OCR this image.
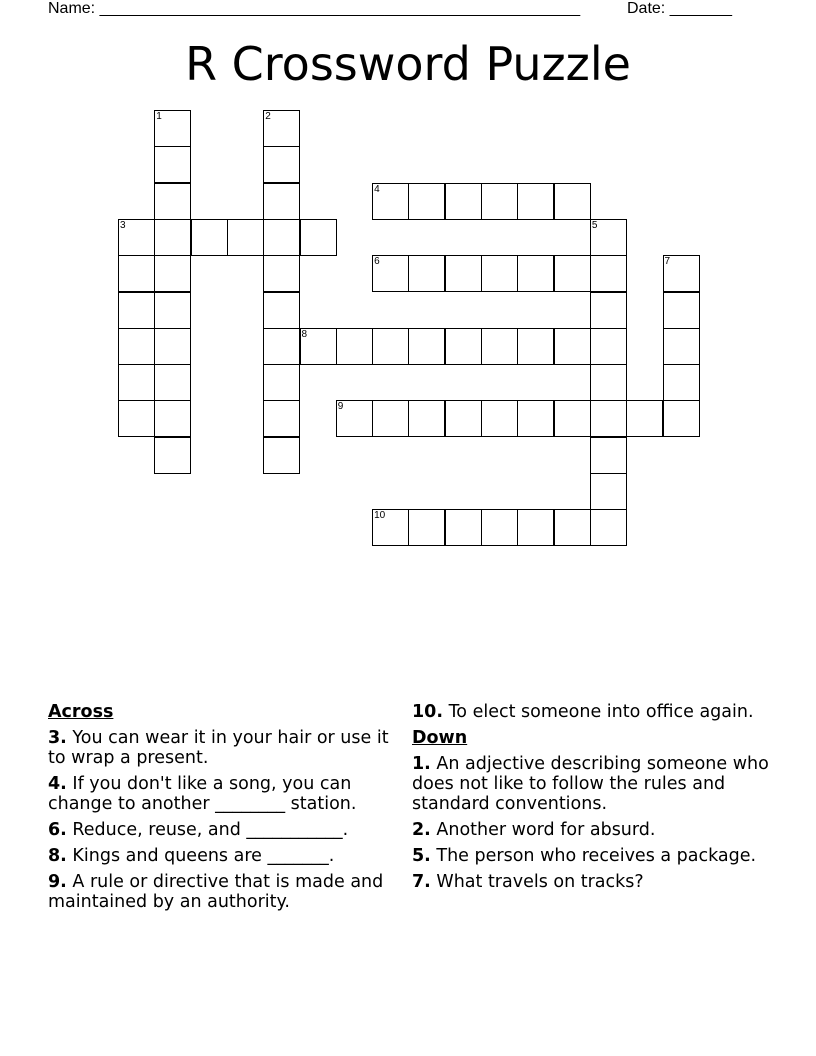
Name: ______________________________________________________	Date: _______
R Crossword Puzzle
3
1	2
4
5
6	7
8
9
10
Across
3. You can wear it in your hair or use it to wrap a present.
4. If you don't like a song, you can change to another ________ station.
6. Reduce, reuse, and ___________.
8. Kings and queens are _______.
9. A rule or directive that is made and maintained by an authority.
10. To elect someone into office again.
Down
1. An adjective describing someone who does not like to follow the rules and standard conventions.
2. Another word for absurd.
5. The person who receives a package.
7. What travels on tracks?
